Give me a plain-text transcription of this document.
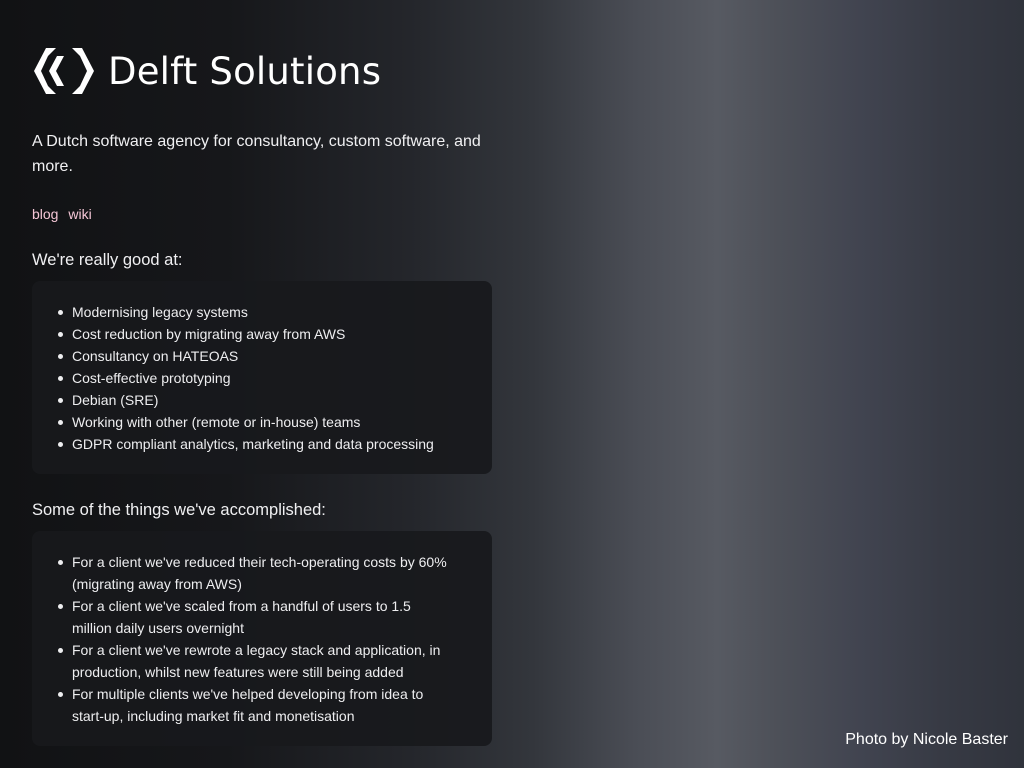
Delft Solutions

A Dutch software agency for consultancy, custom software, and more.

blog wiki
We're really good at:
Modernising legacy systems
Cost reduction by migrating away from AWS
Consultancy on HATEOAS
Cost-effective prototyping
Debian (SRE)
Working with other (remote or in-house) teams
GDPR compliant analytics, marketing and data processing
Some of the things we've accomplished:
For a client we've reduced their tech-operating costs by 60% (migrating away from AWS)
For a client we've scaled from a handful of users to 1.5 million daily users overnight
For a client we've rewrote a legacy stack and application, in production, whilst new features were still being added
For multiple clients we've helped developing from idea to start-up, including market fit and monetisation
Photo by Nicole Baster
